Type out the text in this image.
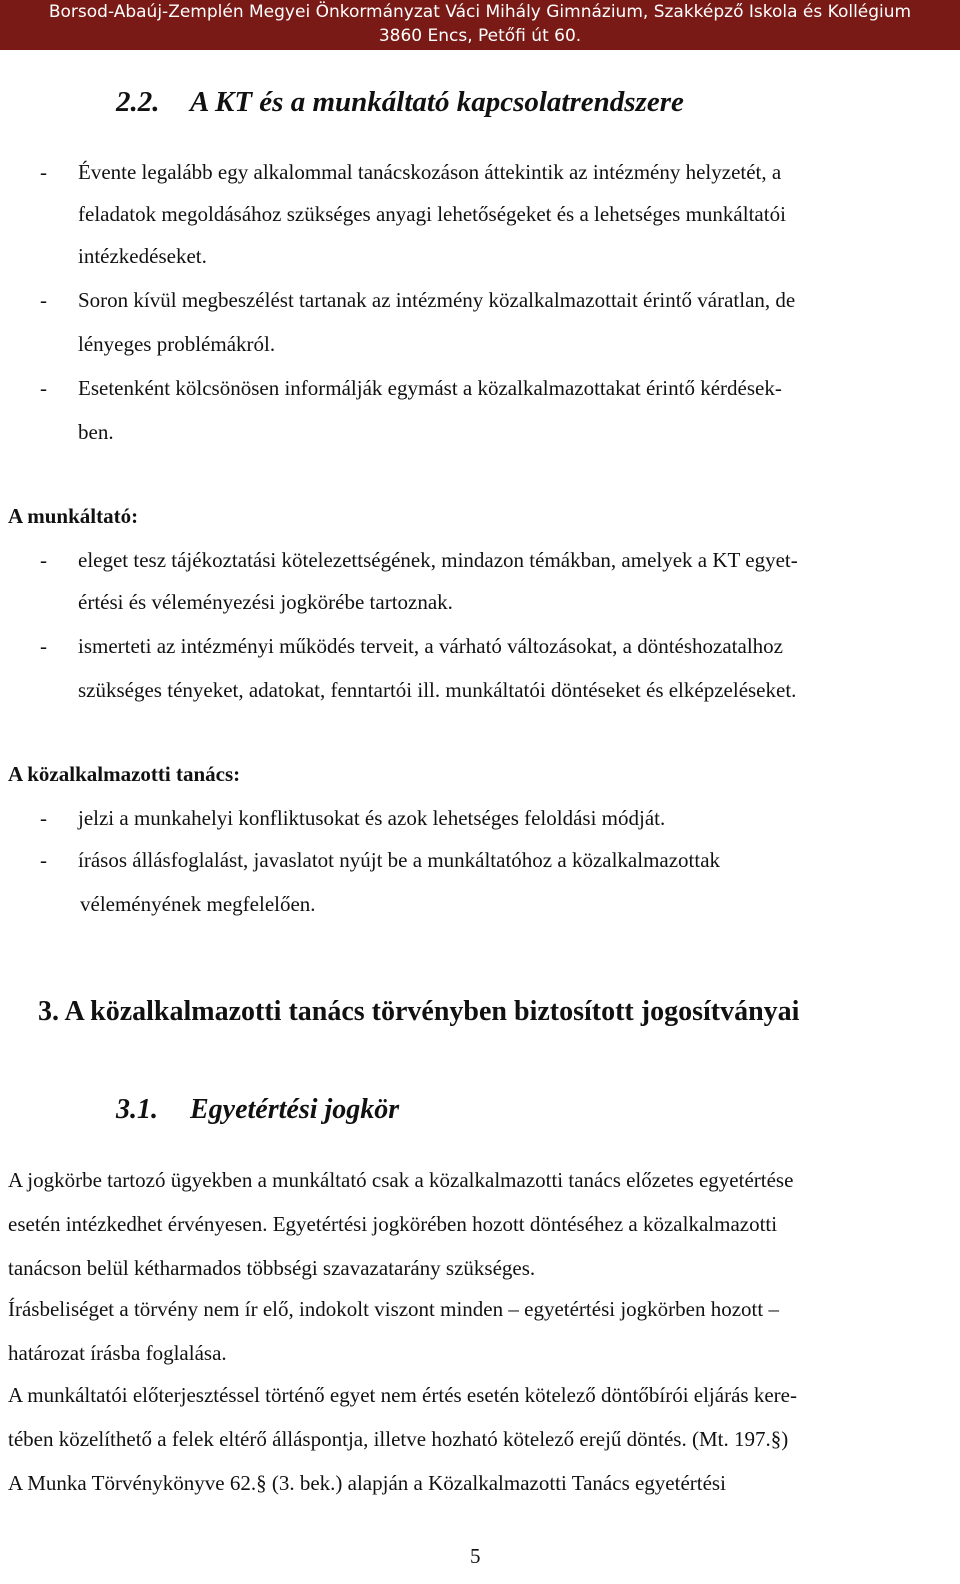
Borsod-Abaúj-Zemplén Megyei Önkormányzat Váci Mihály Gimnázium, Szakképző Iskola és Kollégium
3860 Encs, Petőfi út 60.
2.2. A KT és a munkáltató kapcsolatrendszere
- Évente legalább egy alkalommal tanácskozáson áttekintik az intézmény helyzetét, a
feladatok megoldásához szükséges anyagi lehetőségeket és a lehetséges munkáltatói
intézkedéseket.
- Soron kívül megbeszélést tartanak az intézmény közalkalmazottait érintő váratlan, de
lényeges problémákról.
- Esetenként kölcsönösen informálják egymást a közalkalmazottakat érintő kérdések-
ben.
A munkáltató:
- eleget tesz tájékoztatási kötelezettségének, mindazon témákban, amelyek a KT egyet-
értési és véleményezési jogkörébe tartoznak.
- ismerteti az intézményi működés terveit, a várható változásokat, a döntéshozatalhoz
szükséges tényeket, adatokat, fenntartói ill. munkáltatói döntéseket és elképzeléseket.
A közalkalmazotti tanács:
- jelzi a munkahelyi konfliktusokat és azok lehetséges feloldási módját.
- írásos állásfoglalást, javaslatot nyújt be a munkáltatóhoz a közalkalmazottak
véleményének megfelelően.
3. A közalkalmazotti tanács törvényben biztosított jogosítványai
3.1. Egyetértési jogkör
A jogkörbe tartozó ügyekben a munkáltató csak a közalkalmazotti tanács előzetes egyetértése
esetén intézkedhet érvényesen. Egyetértési jogkörében hozott döntéséhez a közalkalmazotti
tanácson belül kétharmados többségi szavazatarány szükséges.
Írásbeliséget a törvény nem ír elő, indokolt viszont minden – egyetértési jogkörben hozott –
határozat írásba foglalása.
A munkáltatói előterjesztéssel történő egyet nem értés esetén kötelező döntőbírói eljárás kere-
tében közelíthető a felek eltérő álláspontja, illetve hozható kötelező erejű döntés. (Mt. 197.§)
A Munka Törvénykönyve 62.§ (3. bek.) alapján a Közalkalmazotti Tanács egyetértési
5
